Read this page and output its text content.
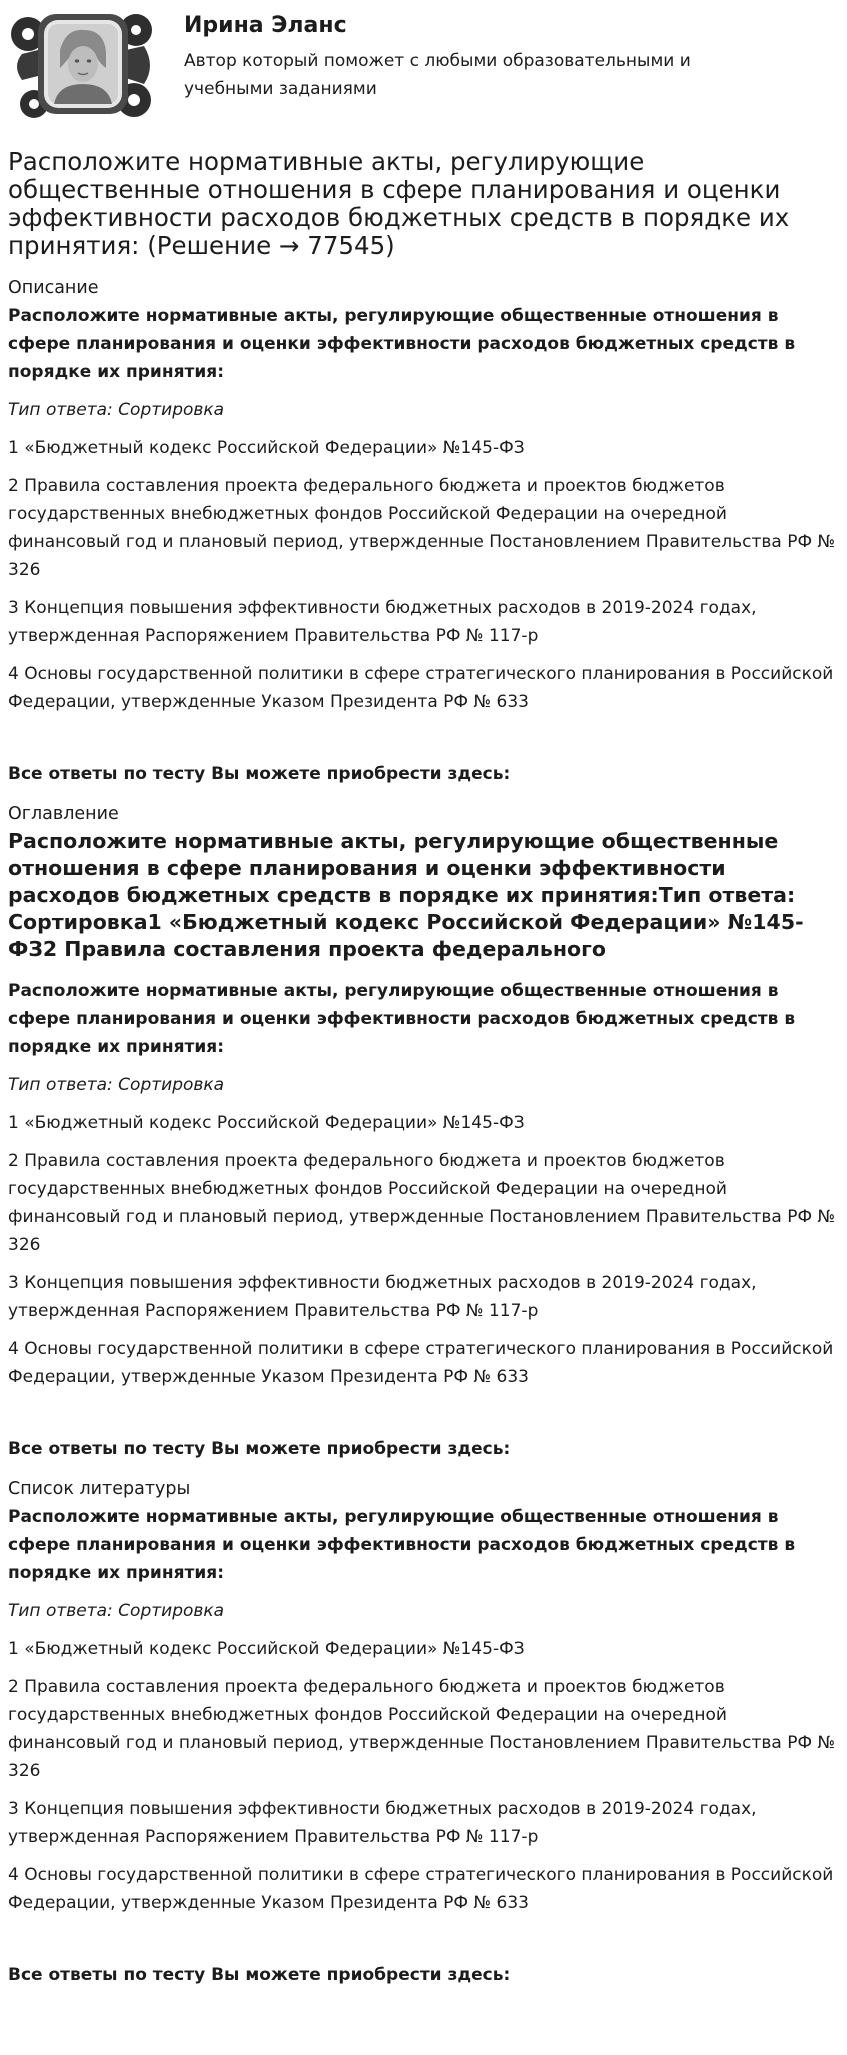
Ирина Эланс
Автор который поможет с любыми образовательными и учебными заданиями
Расположите нормативные акты, регулирующие общественные отношения в сфере планирования и оценки эффективности расходов бюджетных средств в порядке их принятия: (Решение → 77545)
Описание

Расположите нормативные акты, регулирующие общественные отношения в сфере планирования и оценки эффективности расходов бюджетных средств в порядке их принятия:

Тип ответа: Сортировка

1 «Бюджетный кодекс Российской Федерации» №145-ФЗ

2 Правила составления проекта федерального бюджета и проектов бюджетов государственных внебюджетных фондов Российской Федерации на очередной финансовый год и плановый период, утвержденные Постановлением Правительства РФ № 326

3 Концепция повышения эффективности бюджетных расходов в 2019-2024 годах, утвержденная Распоряжением Правительства РФ № 117-р

4 Основы государственной политики в сфере стратегического планирования в Российской Федерации, утвержденные Указом Президента РФ № 633

Все ответы по тесту Вы можете приобрести здесь:

Оглавление
Расположите нормативные акты, регулирующие общественные отношения в сфере планирования и оценки эффективности расходов бюджетных средств в порядке их принятия:Тип ответа: Сортировка1 «Бюджетный кодекс Российской Федерации» №145-ФЗ2 Правила составления проекта федерального

Расположите нормативные акты, регулирующие общественные отношения в сфере планирования и оценки эффективности расходов бюджетных средств в порядке их принятия:

Тип ответа: Сортировка

1 «Бюджетный кодекс Российской Федерации» №145-ФЗ

2 Правила составления проекта федерального бюджета и проектов бюджетов государственных внебюджетных фондов Российской Федерации на очередной финансовый год и плановый период, утвержденные Постановлением Правительства РФ № 326

3 Концепция повышения эффективности бюджетных расходов в 2019-2024 годах, утвержденная Распоряжением Правительства РФ № 117-р

4 Основы государственной политики в сфере стратегического планирования в Российской Федерации, утвержденные Указом Президента РФ № 633

Все ответы по тесту Вы можете приобрести здесь:

Список литературы

Расположите нормативные акты, регулирующие общественные отношения в сфере планирования и оценки эффективности расходов бюджетных средств в порядке их принятия:

Тип ответа: Сортировка

1 «Бюджетный кодекс Российской Федерации» №145-ФЗ

2 Правила составления проекта федерального бюджета и проектов бюджетов государственных внебюджетных фондов Российской Федерации на очередной финансовый год и плановый период, утвержденные Постановлением Правительства РФ № 326

3 Концепция повышения эффективности бюджетных расходов в 2019-2024 годах, утвержденная Распоряжением Правительства РФ № 117-р

4 Основы государственной политики в сфере стратегического планирования в Российской Федерации, утвержденные Указом Президента РФ № 633

Все ответы по тесту Вы можете приобрести здесь:
